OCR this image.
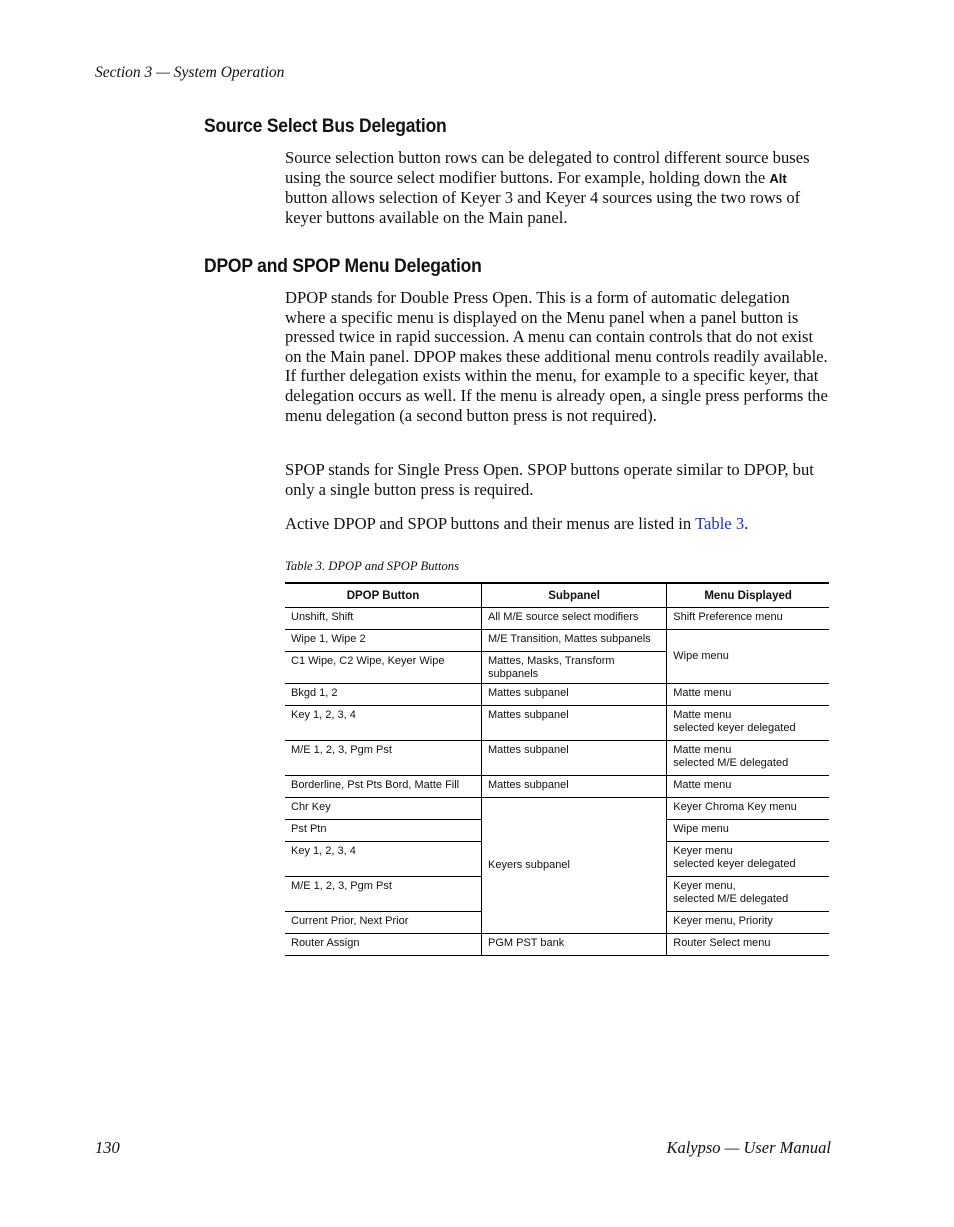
Section 3 — System Operation
Source Select Bus Delegation

Source selection button rows can be delegated to control different source buses using the source select modifier buttons. For example, holding down the Alt button allows selection of Keyer 3 and Keyer 4 sources using the two rows of keyer buttons available on the Main panel.

DPOP and SPOP Menu Delegation

DPOP stands for Double Press Open. This is a form of automatic delegation where a specific menu is displayed on the Menu panel when a panel button is pressed twice in rapid succession. A menu can contain controls that do not exist on the Main panel. DPOP makes these additional menu controls readily available. If further delegation exists within the menu, for example to a specific keyer, that delegation occurs as well. If the menu is already open, a single press performs the menu delegation (a second button press is not required).

SPOP stands for Single Press Open. SPOP buttons operate similar to DPOP, but only a single button press is required.

Active DPOP and SPOP buttons and their menus are listed in Table 3.

Table 3. DPOP and SPOP Buttons
DPOP Button	Subpanel	Menu Displayed
Unshift, Shift	All M/E source select modifiers	Shift Preference menu

Wipe 1, Wipe 2	M/E Transition, Mattes subpanels	Wipe menu

C1 Wipe, C2 Wipe, Keyer Wipe	Mattes, Masks, Transform subpanels	
Bkgd 1, 2	Mattes subpanel	Matte menu

Key 1, 2, 3, 4	Mattes subpanel	Matte menu
selected keyer delegated

M/E 1, 2, 3, Pgm Pst	Mattes subpanel	Matte menu
selected M/E delegated

Borderline, Pst Pts Bord, Matte Fill	Mattes subpanel	Matte menu

Chr Key	Keyers subpanel	Keyer Chroma Key menu

Pst Ptn		Wipe menu

Key 1, 2, 3, 4		Keyer menu
selected keyer delegated

M/E 1, 2, 3, Pgm Pst		Keyer menu,
selected M/E delegated

Current Prior, Next Prior		Keyer menu, Priority

Router Assign	PGM PST bank	Router Select menu
130	Kalypso — User Manual
